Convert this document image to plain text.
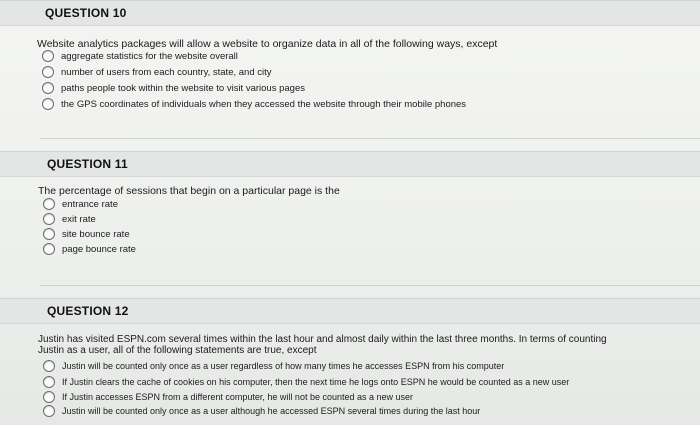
QUESTION 10
Website analytics packages will allow a website to organize data in all of the following ways, except
aggregate statistics for the website overall
number of users from each country, state, and city
paths people took within the website to visit various pages
the GPS coordinates of individuals when they accessed the website through their mobile phones
QUESTION 11
The percentage of sessions that begin on a particular page is the
entrance rate
exit rate
site bounce rate
page bounce rate
QUESTION 12
Justin has visited ESPN.com several times within the last hour and almost daily within the last three months. In terms of counting
Justin as a user, all of the following statements are true, except
Justin will be counted only once as a user regardless of how many times he accesses ESPN from his computer
If Justin clears the cache of cookies on his computer, then the next time he logs onto ESPN he would be counted as a new user
If Justin accesses ESPN from a different computer, he will not be counted as a new user
Justin will be counted only once as a user although he accessed ESPN several times during the last hour
